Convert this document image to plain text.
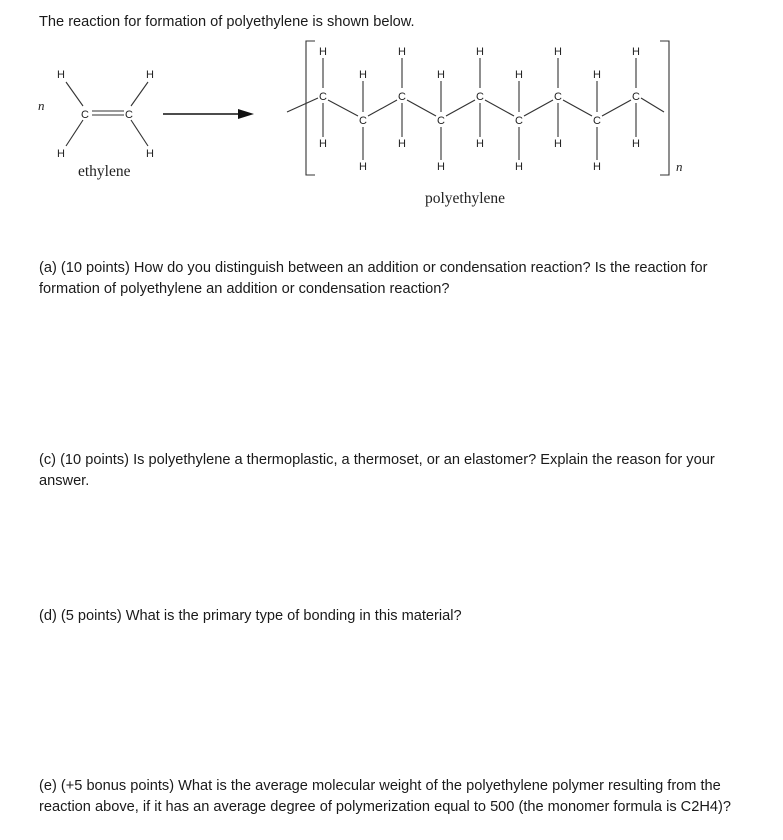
The reaction for formation of polyethylene is shown below.

n
H	H
C	C
H	H
ethylene	n
polyethylene
C
H
H
C
H
H
C
H
H
C
H
H
C
H
H
C
H
H
C
H
H
C
H
H
C
H
H

(a) (10 points) How do you distinguish between an addition or condensation reaction? Is the reaction for formation of polyethylene an addition or condensation reaction?

(c) (10 points) Is polyethylene a thermoplastic, a thermoset, or an elastomer? Explain the reason for your answer.

(d) (5 points) What is the primary type of bonding in this material?

(e) (+5 bonus points) What is the average molecular weight of the polyethylene polymer resulting from the reaction above, if it has an average degree of polymerization equal to 500 (the monomer formula is C2H4)?
